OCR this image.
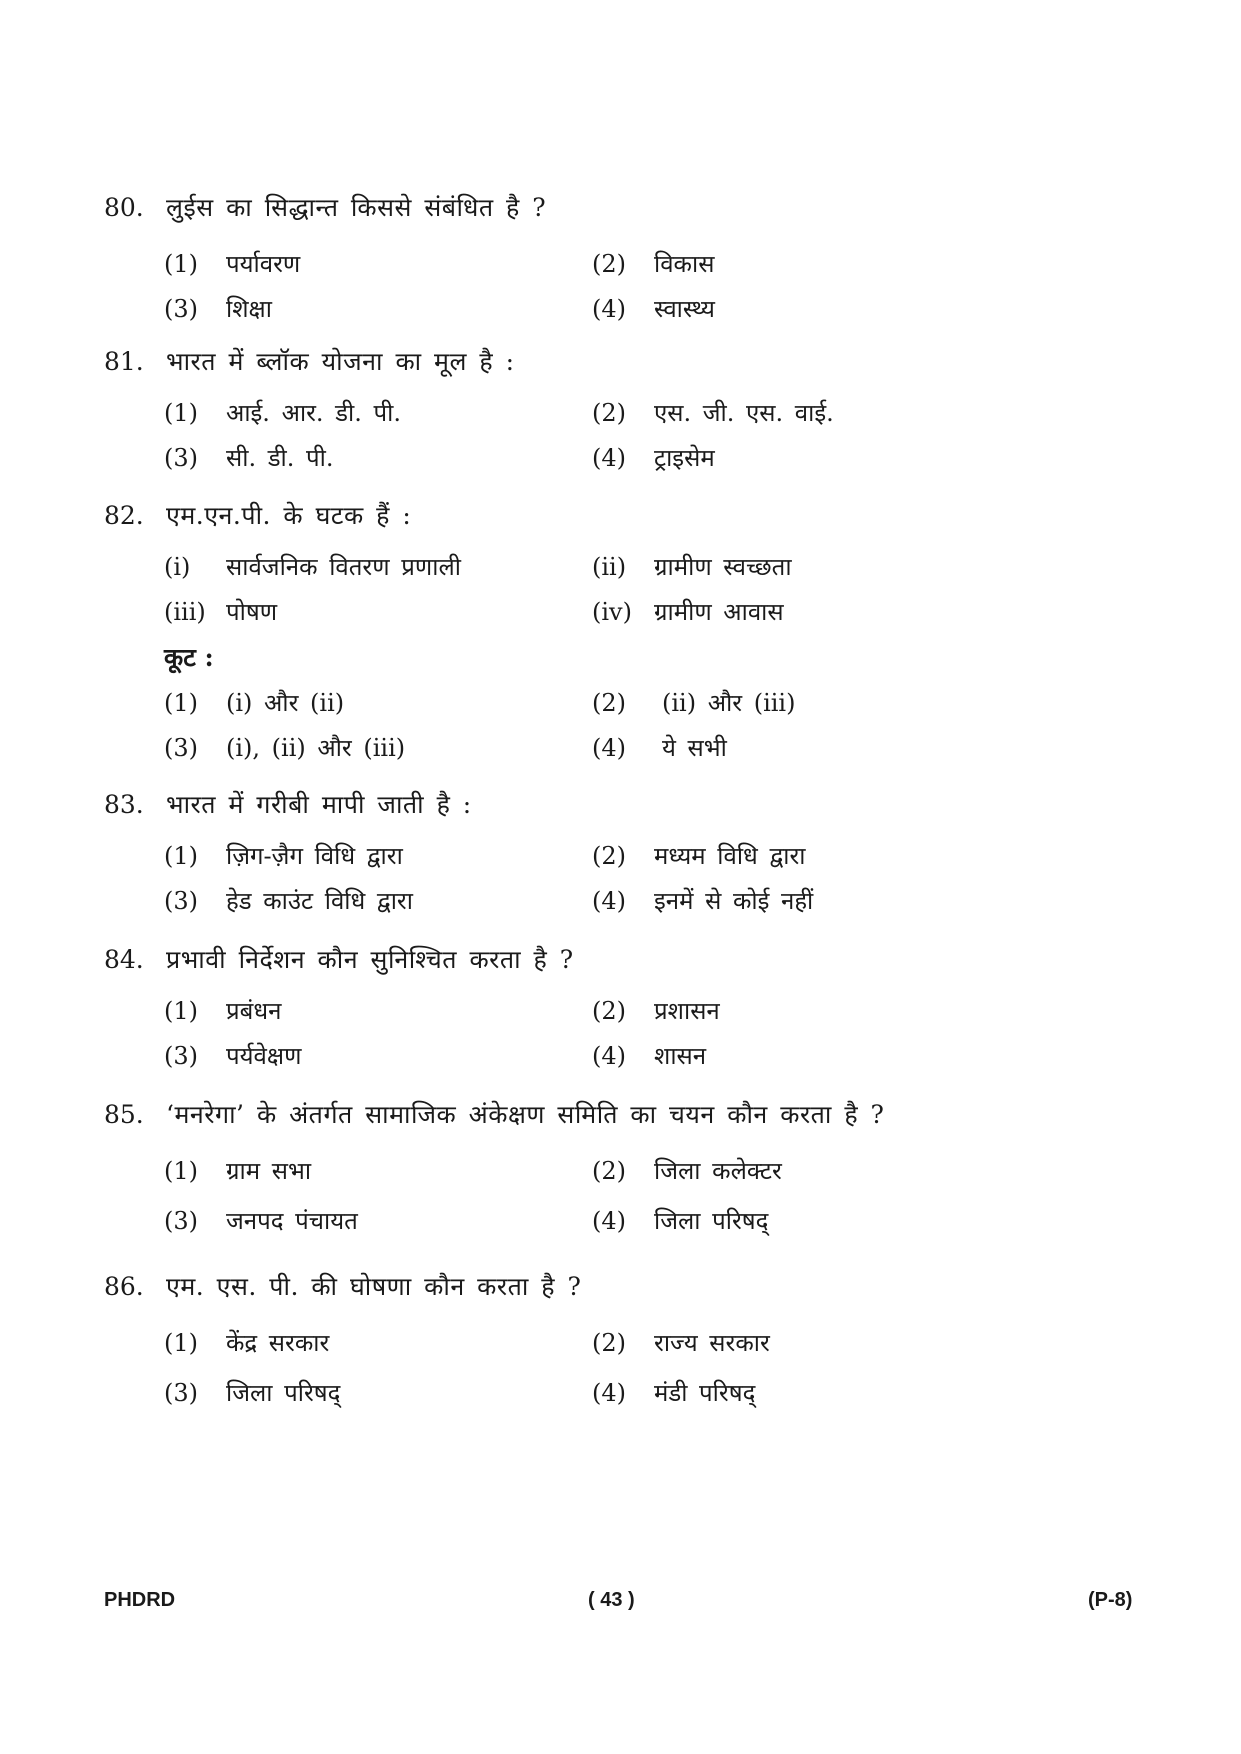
80. लुईस का सिद्धान्त किससे संबंधित है ?
(1) पर्यावरण	(2) विकास
(3) शिक्षा	(4) स्वास्थ्य
81. भारत में ब्लॉक योजना का मूल है :
(1) आई. आर. डी. पी.	(2) एस. जी. एस. वाई.
(3) सी. डी. पी.	(4) ट्राइसेम
82. एम.एन.पी. के घटक हैं :
(i) सार्वजनिक वितरण प्रणाली	(ii) ग्रामीण स्वच्छता
(iii) पोषण	(iv) ग्रामीण आवास
कूट :
(1) (i) और (ii)	(2) (ii) और (iii)
(3) (i), (ii) और (iii)	(4) ये सभी
83. भारत में गरीबी मापी जाती है :
(1) ज़िग-ज़ैग विधि द्वारा	(2) मध्यम विधि द्वारा
(3) हेड काउंट विधि द्वारा	(4) इनमें से कोई नहीं
84. प्रभावी निर्देशन कौन सुनिश्चित करता है ?
(1) प्रबंधन	(2) प्रशासन
(3) पर्यवेक्षण	(4) शासन
85. ‘मनरेगा’ के अंतर्गत सामाजिक अंकेक्षण समिति का चयन कौन करता है ?
(1) ग्राम सभा	(2) जिला कलेक्टर
(3) जनपद पंचायत	(4) जिला परिषद्
86. एम. एस. पी. की घोषणा कौन करता है ?
(1) केंद्र सरकार	(2) राज्य सरकार
(3) जिला परिषद्	(4) मंडी परिषद्
PHDRD	( 43 )	(P-8)
